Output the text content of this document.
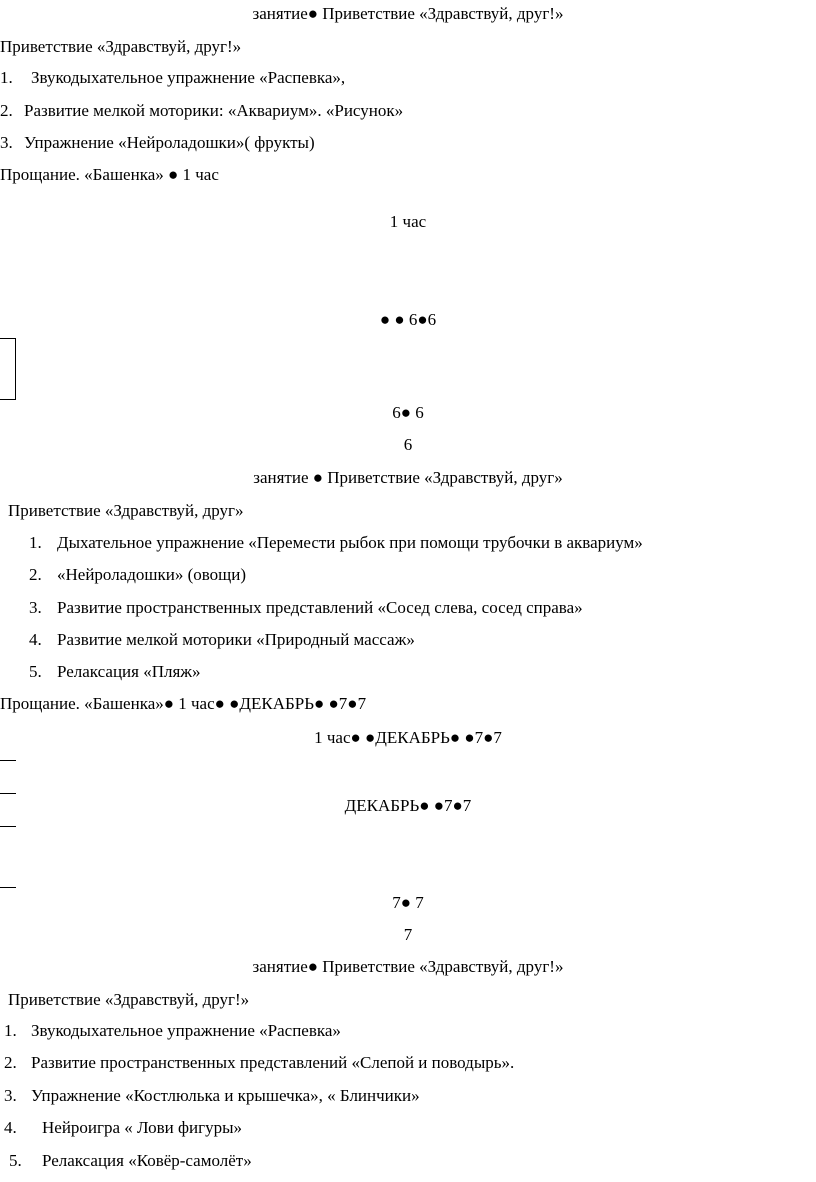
занятие● Приветствие «Здравствуй, друг!»
Приветствие «Здравствуй, друг!»
1. Звукодыхательное упражнение «Распевка»,
2. Развитие мелкой моторики: «Аквариум». «Рисунок»
3. Упражнение «Нейроладошки»( фрукты)
Прощание. «Башенка» ● 1 час
1 час
● ● 6●6
6● 6
6
занятие ● Приветствие «Здравствуй, друг»
Приветствие «Здравствуй, друг»
1. Дыхательное упражнение «Перемести рыбок при помощи трубочки в аквариум»
2. «Нейроладошки» (овощи)
3. Развитие пространственных представлений «Сосед слева, сосед справа»
4. Развитие мелкой моторики «Природный массаж»
5. Релаксация «Пляж»
Прощание. «Башенка»● 1 час● ●ДЕКАБРЬ● ●7●7
1 час● ●ДЕКАБРЬ● ●7●7
ДЕКАБРЬ● ●7●7
7● 7
7
занятие● Приветствие «Здравствуй, друг!»
Приветствие «Здравствуй, друг!»
1. Звукодыхательное упражнение «Распевка»
2. Развитие пространственных представлений «Слепой и поводырь».
3. Упражнение «Костлюлька и крышечка», « Блинчики»
4. Нейроигра « Лови фигуры»
5. Релаксация «Ковёр-самолёт»
